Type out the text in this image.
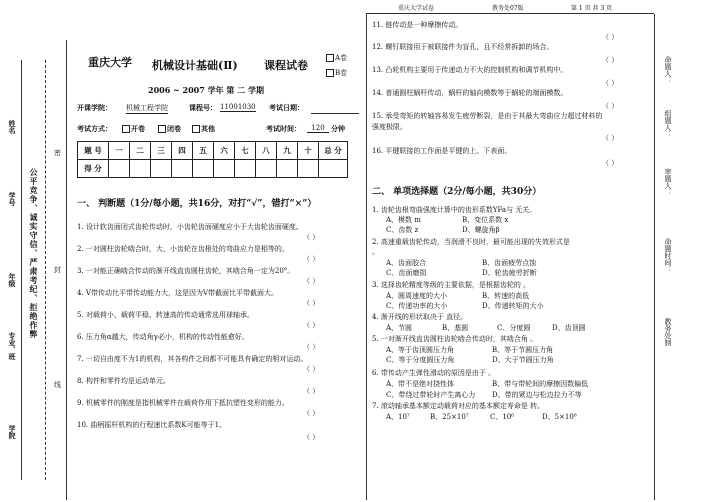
重庆大学试卷	教务处07版	第 1 页 共 3 页
姓名
学号
年级
专业、班
学院
公平竞争、诚实守信、严肃考纪、拒绝作弊
密
封
线
重庆大学 机械设计基础(Ⅱ) 课程试卷
A卷
B卷
2006 ~ 2007 学年 第 二 学期
开课学院： 机械工程学院	课程号： 11001030 考试日期：
考试方式：	开卷	闭卷	其他	考试时间：	120 分钟
题 号	一	二	三	四	五	六	七	八	九	十	总 分
得 分											
一、 判断题（1分/每小题，共16分，对打“√”，错打“×”）
1. 设计软齿面闭式齿轮传动时，小齿轮齿面硬度应小于大齿轮齿面硬度。
（ ）
2. 一对圆柱齿轮啮合时，大、小齿轮在齿根处的弯曲应力是相等的。
（ ）
3. 一对能正确啮合传动的渐开线直齿圆柱齿轮，其啮合角一定为20°。
（ ）
4. V带传动比平带传动能力大，这是因为V带截面比平带截面大。
（ ）
5. 对载荷小、载荷平稳、转速高的传动通常选用球轴承。
（ ）
6. 压力角α越大，传动角γ必小，机构的传动性能愈好。
（ ）
7. 一切自由度不为1的机构，其各构件之间都不可能具有确定的相对运动。
（ ）
8. 构件和零件均是运动单元。
（ ）
9. 机械零件的刚度是指机械零件在载荷作用下抵抗塑性变形的能力。
（ ）
10. 曲柄摇杆机构的行程速比系数K可能等于1。
（ ）
11. 链传动是一种摩擦传动。
（ ）
12. 螺钉联接用于被联接件为盲孔，且不经常拆卸的场合。
（ ）
13. 凸轮机构主要用于传递动力不大的控制机构和调节机构中。
（ ）
14. 普通圆柱蜗杆传动，蜗杆的轴向模数等于蜗轮的端面模数。
（ ）
15. 承受弯矩的转轴容易发生疲劳断裂，是由于其最大弯曲应力超过材料的
强度极限。
（ ）
16. 平键联接的工作面是平键的上、下表面。
（ ）
二、 单项选择题（2分/每小题，共30分）
1. 齿轮齿根弯曲强度计算中的齿形系数YFa与 无关。
A、模数 m	B、变位系数 x
C、齿数 z	D、螺旋角β
2. 高速重载齿轮传动，当润滑不良时，最可能出现的失效形式是
。
A、齿面胶合	B、齿面疲劳点蚀
C、齿面磨损	D、轮齿疲劳折断
3. 选择齿轮精度等级的主要依据，是根据齿轮的 。
A、圆周速度的大小	B、转速的高低
C、传递功率的大小	D、传递转矩的大小
4. 渐开线的形状取决于 直径。
A、节圆	B、基圆	C、分度圆	D、齿顶圆
5. 一对渐开线直齿圆柱齿轮啮合传动时，其啮合角 。
A、等于齿顶圆压力角	B、等于节圆压力角
C、等于分度圆压力角	D、大于节圆压力角
6. 带传动产生弹性滑动的原因是由于 。
A、带不是绝对挠性体	B、带与带轮间的摩擦因数偏低
C、带绕过带轮时产生离心力 D、带的紧边与松边拉力不等
7. 滚动轴承基本额定动载荷对应的基本额定寿命是 转。
A、10⁷	B、25×10⁷	C、10⁶	D、5×10⁶
命题人：
组题人：
审题人：
命题时间：
教务处制
